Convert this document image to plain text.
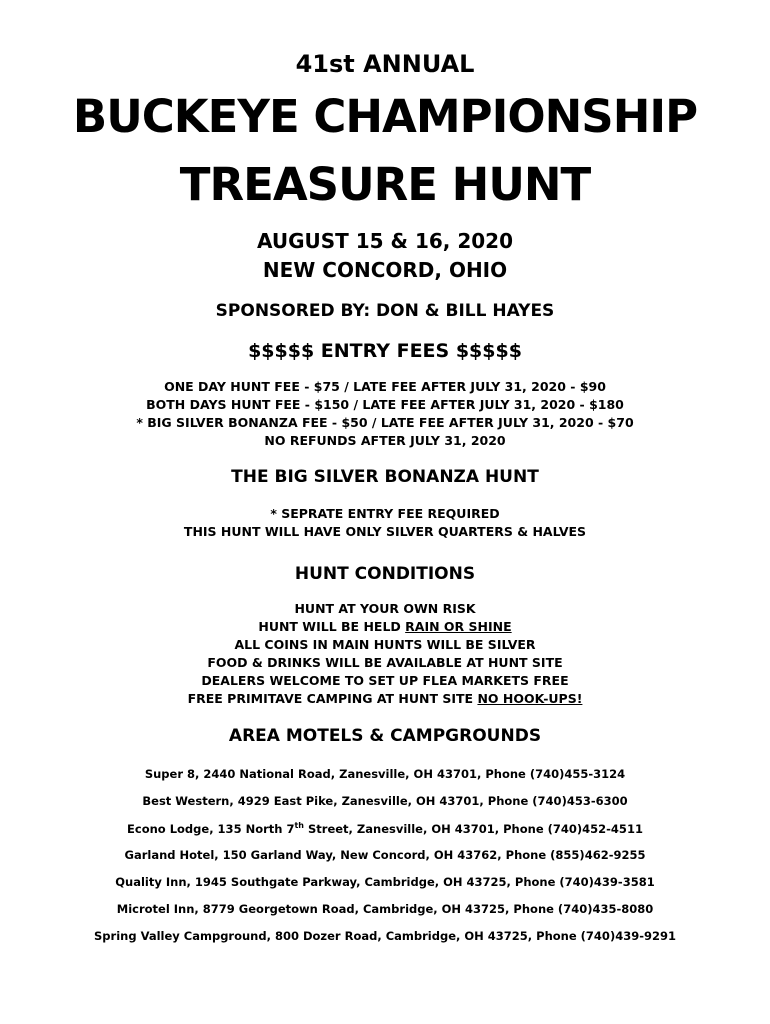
41st ANNUAL
BUCKEYE CHAMPIONSHIP
TREASURE HUNT
AUGUST 15 & 16, 2020
NEW CONCORD, OHIO
SPONSORED BY: DON & BILL HAYES
$$$$$ ENTRY FEES $$$$$
ONE DAY HUNT FEE - $75 / LATE FEE AFTER JULY 31, 2020 - $90
BOTH DAYS HUNT FEE - $150 / LATE FEE AFTER JULY 31, 2020 - $180
* BIG SILVER BONANZA FEE - $50 / LATE FEE AFTER JULY 31, 2020 - $70
NO REFUNDS AFTER JULY 31, 2020
THE BIG SILVER BONANZA HUNT
* SEPRATE ENTRY FEE REQUIRED
THIS HUNT WILL HAVE ONLY SILVER QUARTERS & HALVES
HUNT CONDITIONS
HUNT AT YOUR OWN RISK
HUNT WILL BE HELD RAIN OR SHINE
ALL COINS IN MAIN HUNTS WILL BE SILVER
FOOD & DRINKS WILL BE AVAILABLE AT HUNT SITE
DEALERS WELCOME TO SET UP FLEA MARKETS FREE
FREE PRIMITAVE CAMPING AT HUNT SITE NO HOOK-UPS!
AREA MOTELS & CAMPGROUNDS
Super 8, 2440 National Road, Zanesville, OH 43701, Phone (740)455-3124
Best Western, 4929 East Pike, Zanesville, OH 43701, Phone (740)453-6300
Econo Lodge, 135 North 7th Street, Zanesville, OH 43701, Phone (740)452-4511
Garland Hotel, 150 Garland Way, New Concord, OH 43762, Phone (855)462-9255
Quality Inn, 1945 Southgate Parkway, Cambridge, OH 43725, Phone (740)439-3581
Microtel Inn, 8779 Georgetown Road, Cambridge, OH 43725, Phone (740)435-8080
Spring Valley Campground, 800 Dozer Road, Cambridge, OH 43725, Phone (740)439-9291
